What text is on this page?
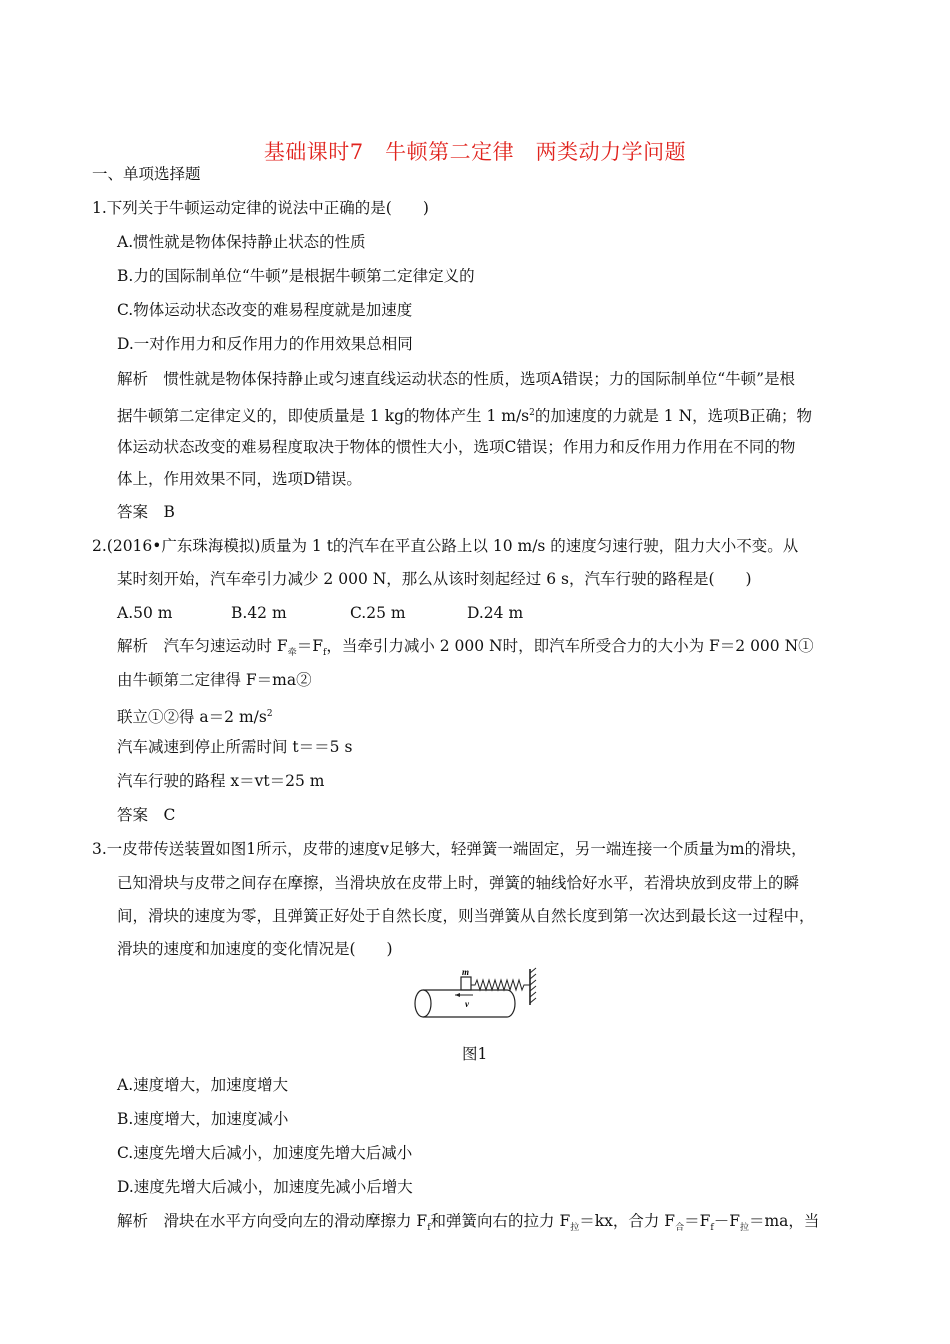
基础课时7　牛顿第二定律　两类动力学问题
一、单项选择题
1.下列关于牛顿运动定律的说法中正确的是(　　)
A.惯性就是物体保持静止状态的性质
B.力的国际制单位“牛顿”是根据牛顿第二定律定义的
C.物体运动状态改变的难易程度就是加速度
D.一对作用力和反作用力的作用效果总相同
解析　惯性就是物体保持静止或匀速直线运动状态的性质，选项A错误；力的国际制单位“牛顿”是根
据牛顿第二定律定义的，即使质量是 1 kg的物体产生 1 $m/s^2$的加速度的力就是 1 N，选项B正确；物
体运动状态改变的难易程度取决于物体的惯性大小，选项C错误；作用力和反作用力作用在不同的物
体上，作用效果不同，选项D错误。
答案　B
2.(2016•广东珠海模拟)质量为 1 t的汽车在平直公路上以 10 m/s 的速度匀速行驶，阻力大小不变。从
某时刻开始，汽车牵引力减少 2 000 N，那么从该时刻起经过 6 s，汽车行驶的路程是(　　)
A.50 m	B.42 m	C.25 m	D.24 m
解析　汽车匀速运动时 $F_牵=F_f$，当牵引力减小 2 000 N时，即汽车所受合力的大小为 F＝2 000 N①
由牛顿第二定律得 F＝ma②
联立①②得 a＝2 $m/s^2$
汽车减速到停止所需时间 t＝＝5 s
汽车行驶的路程 x＝vt＝25 m
答案　C
3.一皮带传送装置如图1所示，皮带的速度v足够大，轻弹簧一端固定，另一端连接一个质量为m的滑块，
已知滑块与皮带之间存在摩擦，当滑块放在皮带上时，弹簧的轴线恰好水平，若滑块放到皮带上的瞬
间，滑块的速度为零，且弹簧正好处于自然长度，则当弹簧从自然长度到第一次达到最长这一过程中，
滑块的速度和加速度的变化情况是(　　)
m
v
图1
A.速度增大，加速度增大
B.速度增大，加速度减小
C.速度先增大后减小，加速度先增大后减小
D.速度先增大后减小，加速度先减小后增大
解析　滑块在水平方向受向左的滑动摩擦力 $F_f$和弹簧向右的拉力 $F_拉=kx$，合力 $F_合=F_f-F_拉=ma$，当
